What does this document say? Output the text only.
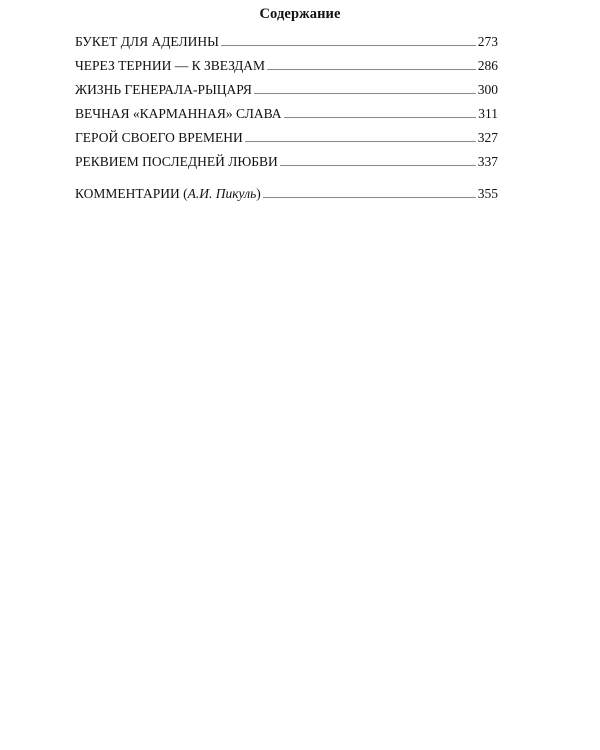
Содержание
БУКЕТ ДЛЯ АДЕЛИНЫ	273
ЧЕРЕЗ ТЕРНИИ — К ЗВЕЗДАМ	286
ЖИЗНЬ ГЕНЕРАЛА-РЫЦАРЯ	300
ВЕЧНАЯ «КАРМАННАЯ» СЛАВА	311
ГЕРОЙ СВОЕГО ВРЕМЕНИ	327
РЕКВИЕМ ПОСЛЕДНЕЙ ЛЮБВИ	337
КОММЕНТАРИИ (А.И. Пикуль)	355
